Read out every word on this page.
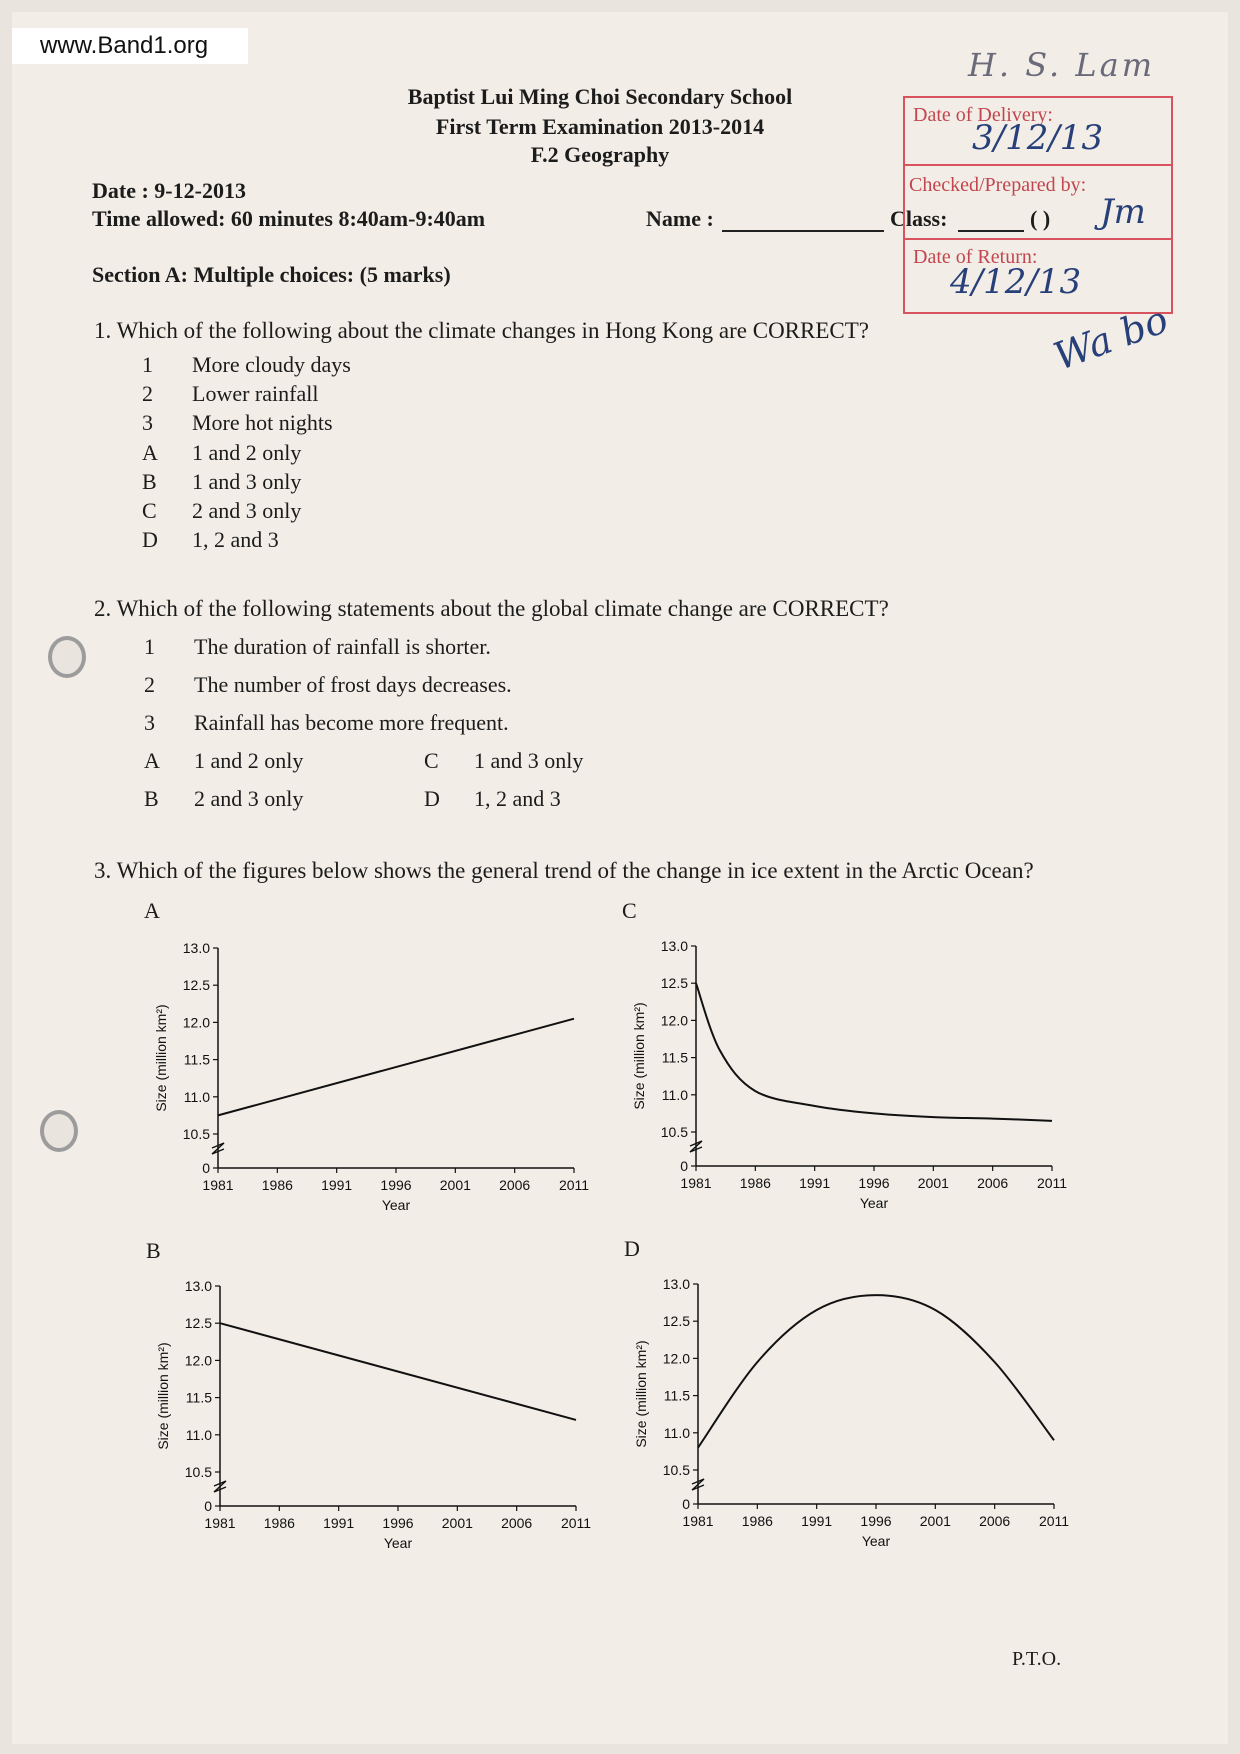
www.Band1.org
Baptist Lui Ming Choi Secondary School
First Term Examination 2013-2014
F.2 Geography
Date : 9-12-2013
Time allowed: 60 minutes 8:40am-9:40am	Name :	Class:	( )
Date of Delivery:
Checked/Prepared by:
Date of Return:
3/12/13
4/12/13
H. S. Lam
Jm
Wa bo
Section A: Multiple choices: (5 marks)
1. Which of the following about the climate changes in Hong Kong are CORRECT?
1 More cloudy days
2 Lower rainfall
3 More hot nights
A 1 and 2 only
B 1 and 3 only
C 2 and 3 only
D 1, 2 and 3
2. Which of the following statements about the global climate change are CORRECT?
1 The duration of rainfall is shorter.
2 The number of frost days decreases.
3 Rainfall has become more frequent.
A 1 and 2 only	C 1 and 3 only
B 2 and 3 only	D 1, 2 and 3
3. Which of the figures below shows the general trend of the change in ice extent in the Arctic Ocean?
A	C
B	D
0
10.5
11.0
11.5
12.0
12.5
13.0
1981 1986 1991 1996 2001 2006 2011
Year
Size (million km²)
0
10.5
11.0
11.5
12.0
12.5
13.0
1981 1986 1991 1996 2001 2006 2011
Year
Size (million km²)
0
10.5
11.0
11.5
12.0
12.5
13.0
1981 1986 1991 1996 2001 2006 2011
Year
Size (million km²)
0
10.5
11.0
11.5
12.0
12.5
13.0
1981 1986 1991 1996 2001 2006 2011
Year
Size (million km²)
P.T.O.
